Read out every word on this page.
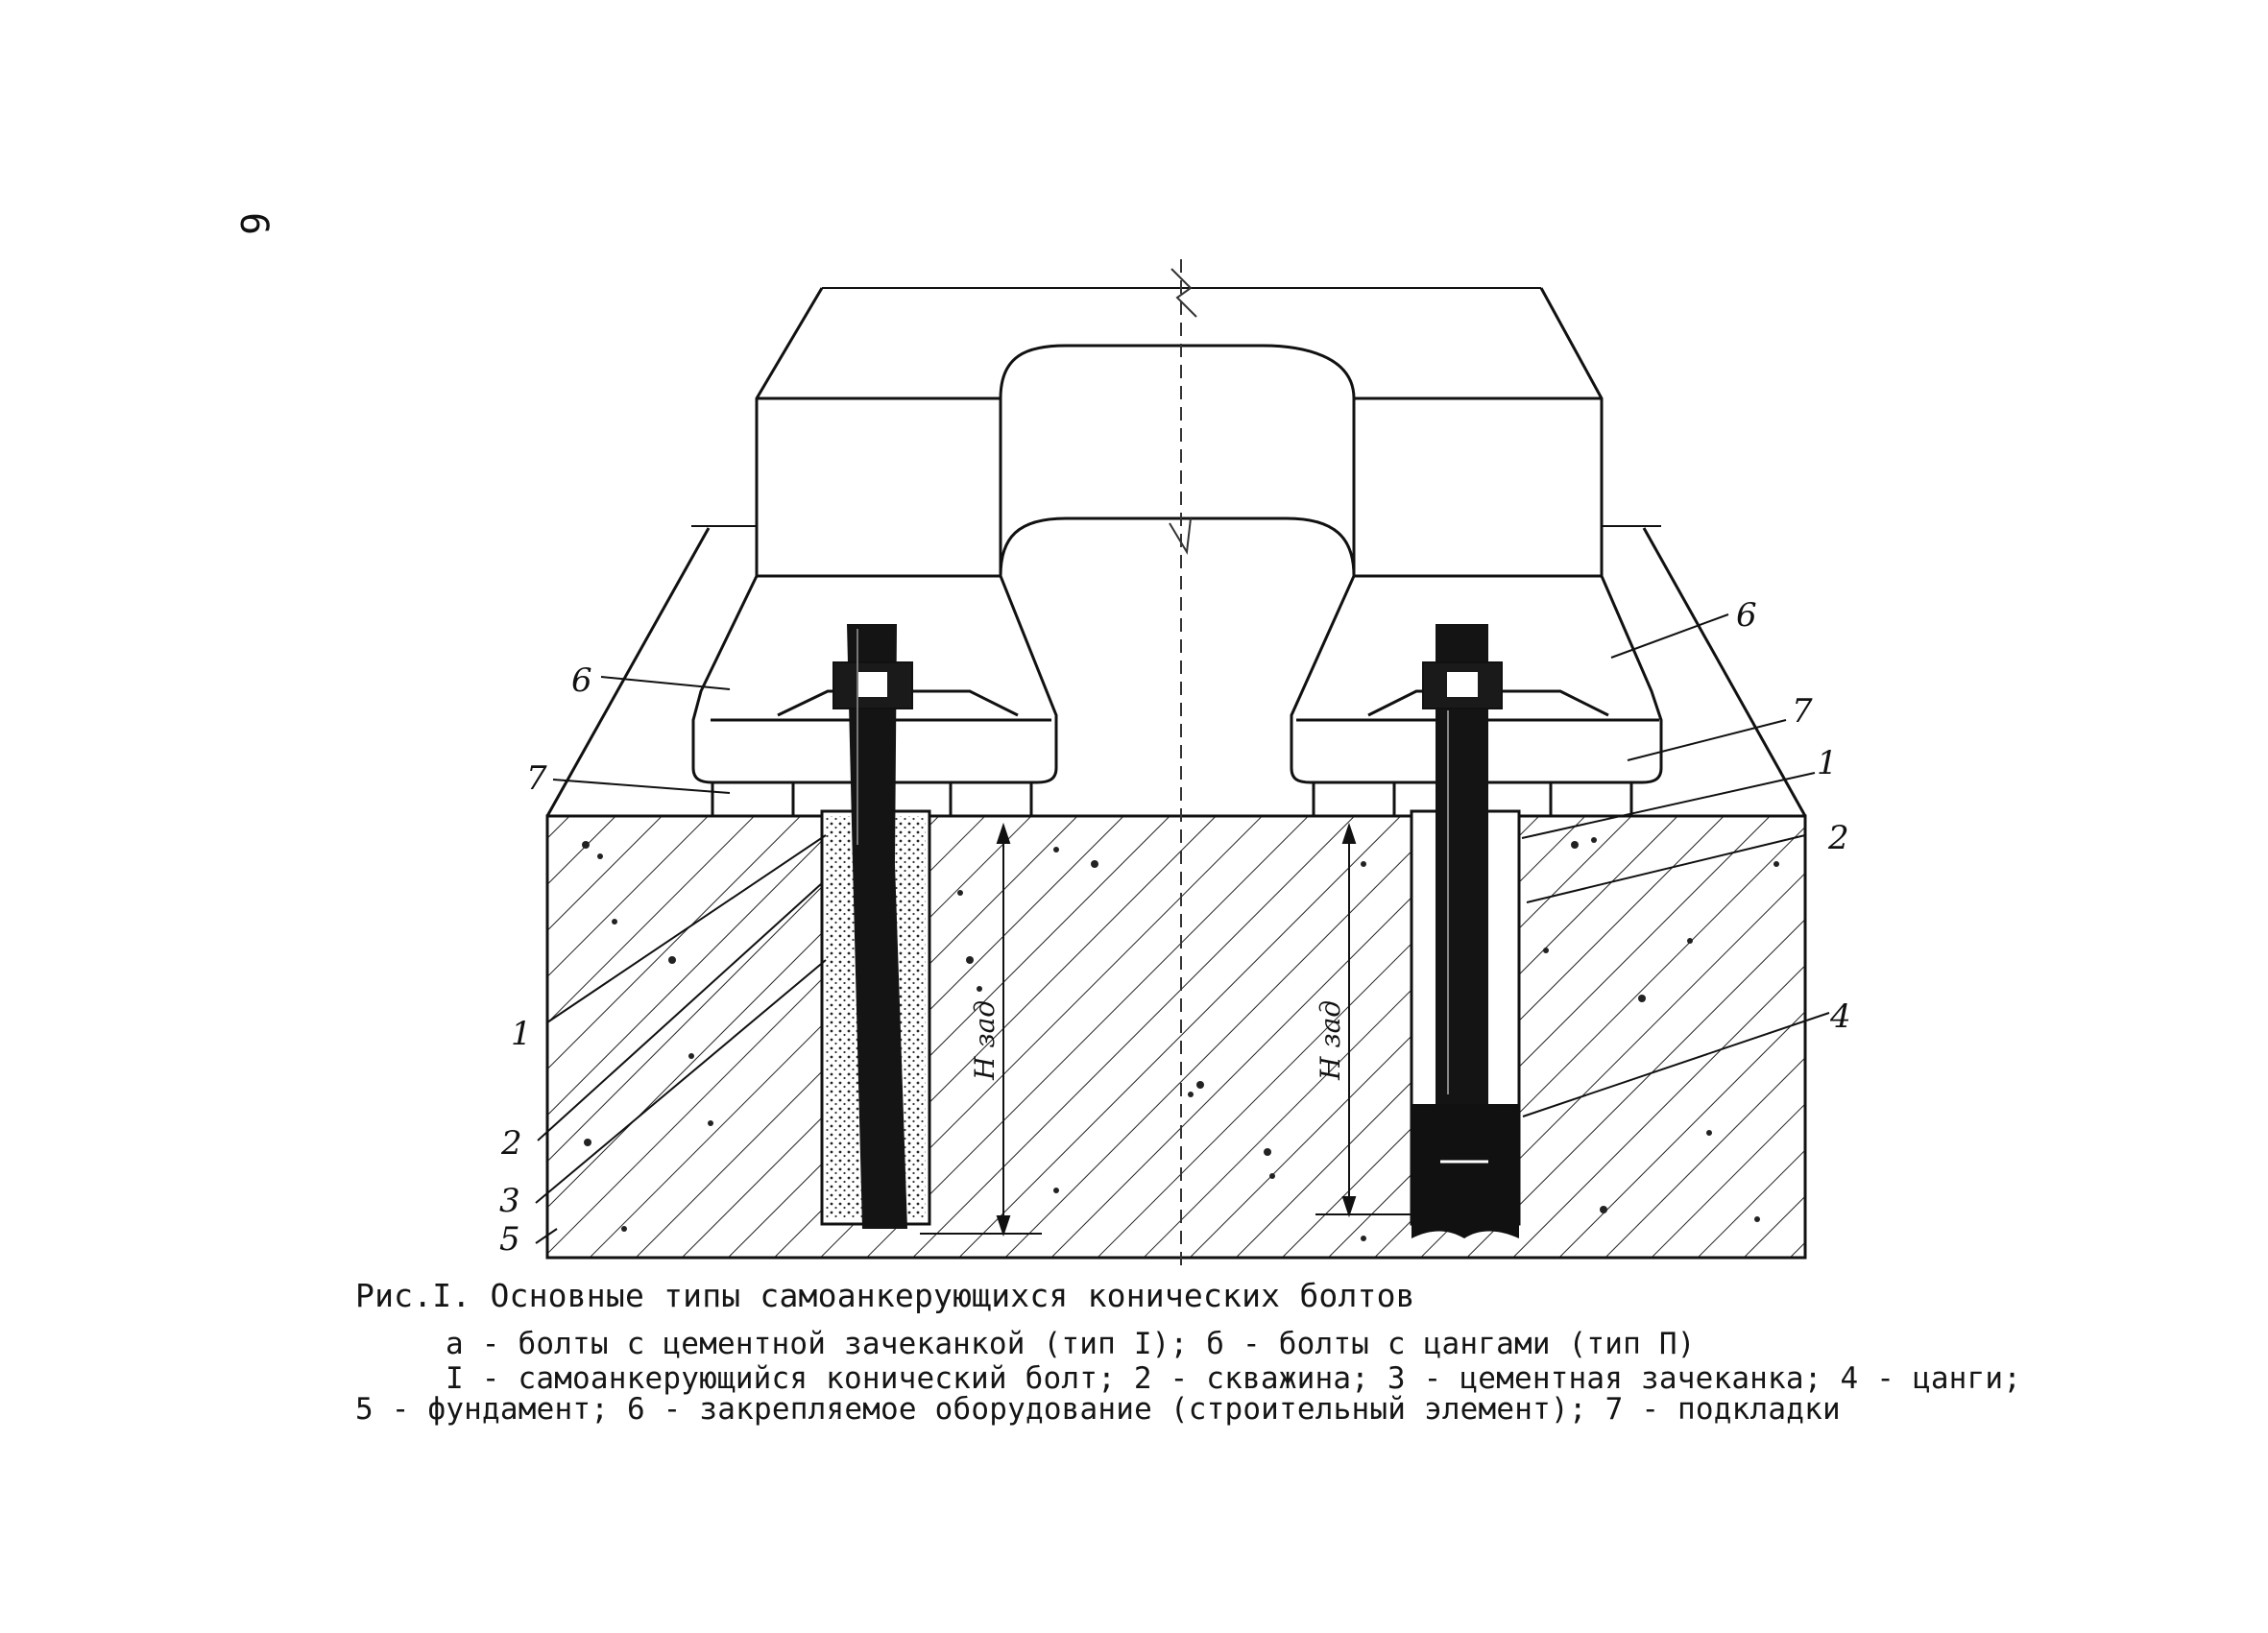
6
6
7
1
2
3
5
6
7
1
2
4
H зад	H зад
Рис.I. Основные типы самоанкерующихся конических болтов
а - болты с цементной зачеканкой (тип I); б - болты с цангами (тип П)
I - самоанкерующийся конический болт; 2 - скважина; 3 - цементная зачеканка; 4 - цанги;
5 - фундамент; 6 - закрепляемое оборудование (строительный элемент); 7 - подкладки
